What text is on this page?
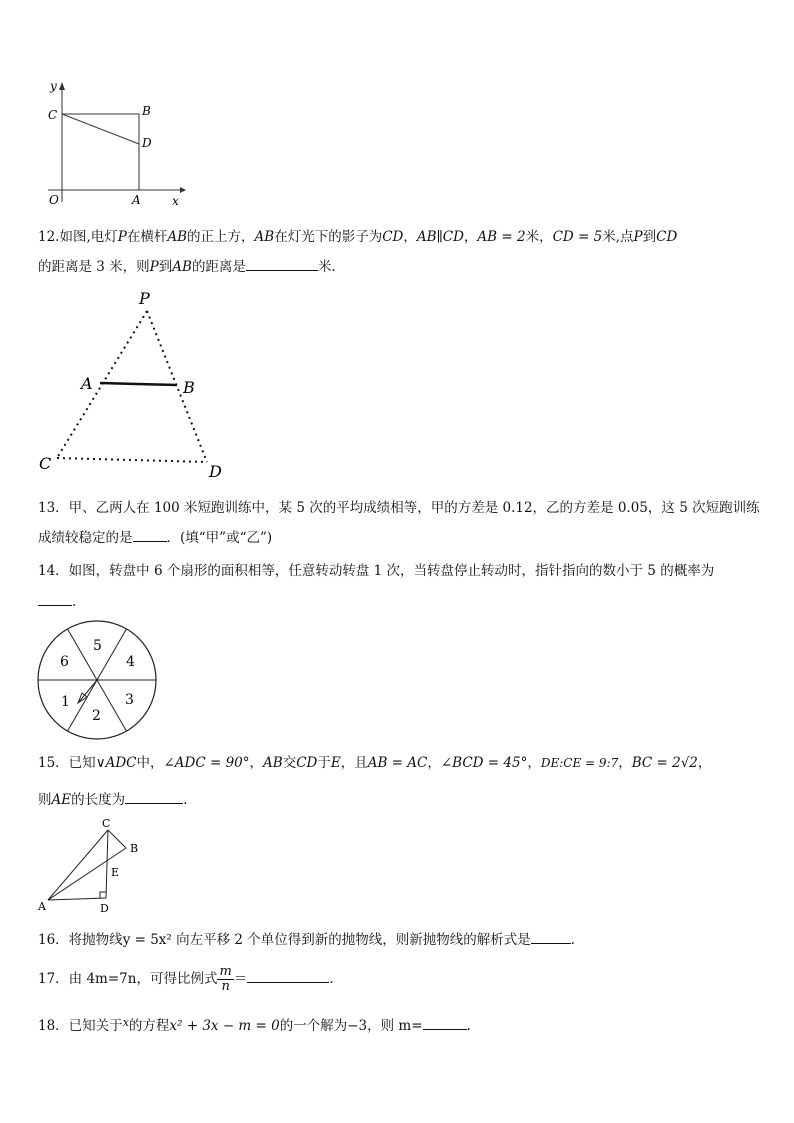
y
C	B
D
O	A	x
12.如图,电灯P在横杆AB的正上方，AB在灯光下的影子为CD，AB∥CD，AB = 2米，CD = 5米,点P到CD
的距离是 3 米，则P到AB的距离是	米.
P
A	B
C	D
13．甲、乙两人在 100 米短跑训练中，某 5 次的平均成绩相等，甲的方差是 0.12，乙的方差是 0.05，这 5 次短跑训练
成绩较稳定的是	．(填“甲”或“乙”)
14．如图，转盘中 6 个扇形的面积相等，任意转动转盘 1 次，当转盘停止转动时，指针指向的数小于 5 的概率为
.
5
4
6
3
2
1
15．已知∨ADC中，∠ADC = 90°，AB交CD于E，且AB = AC，∠BCD = 45°，DE:CE = 9:7，BC = 2√2，
则AE的长度为	.
C
B
E
A	D
16．将抛物线y = 5x² 向左平移 2 个单位得到新的抛物线，则新抛物线的解析式是	．
17．由 4m=7n，可得比例式 $\frac{m}{n}$ ＝	.
18．已知关于$^x$的方程x² + 3x − m = 0的一个解为−3，则 m=	.
